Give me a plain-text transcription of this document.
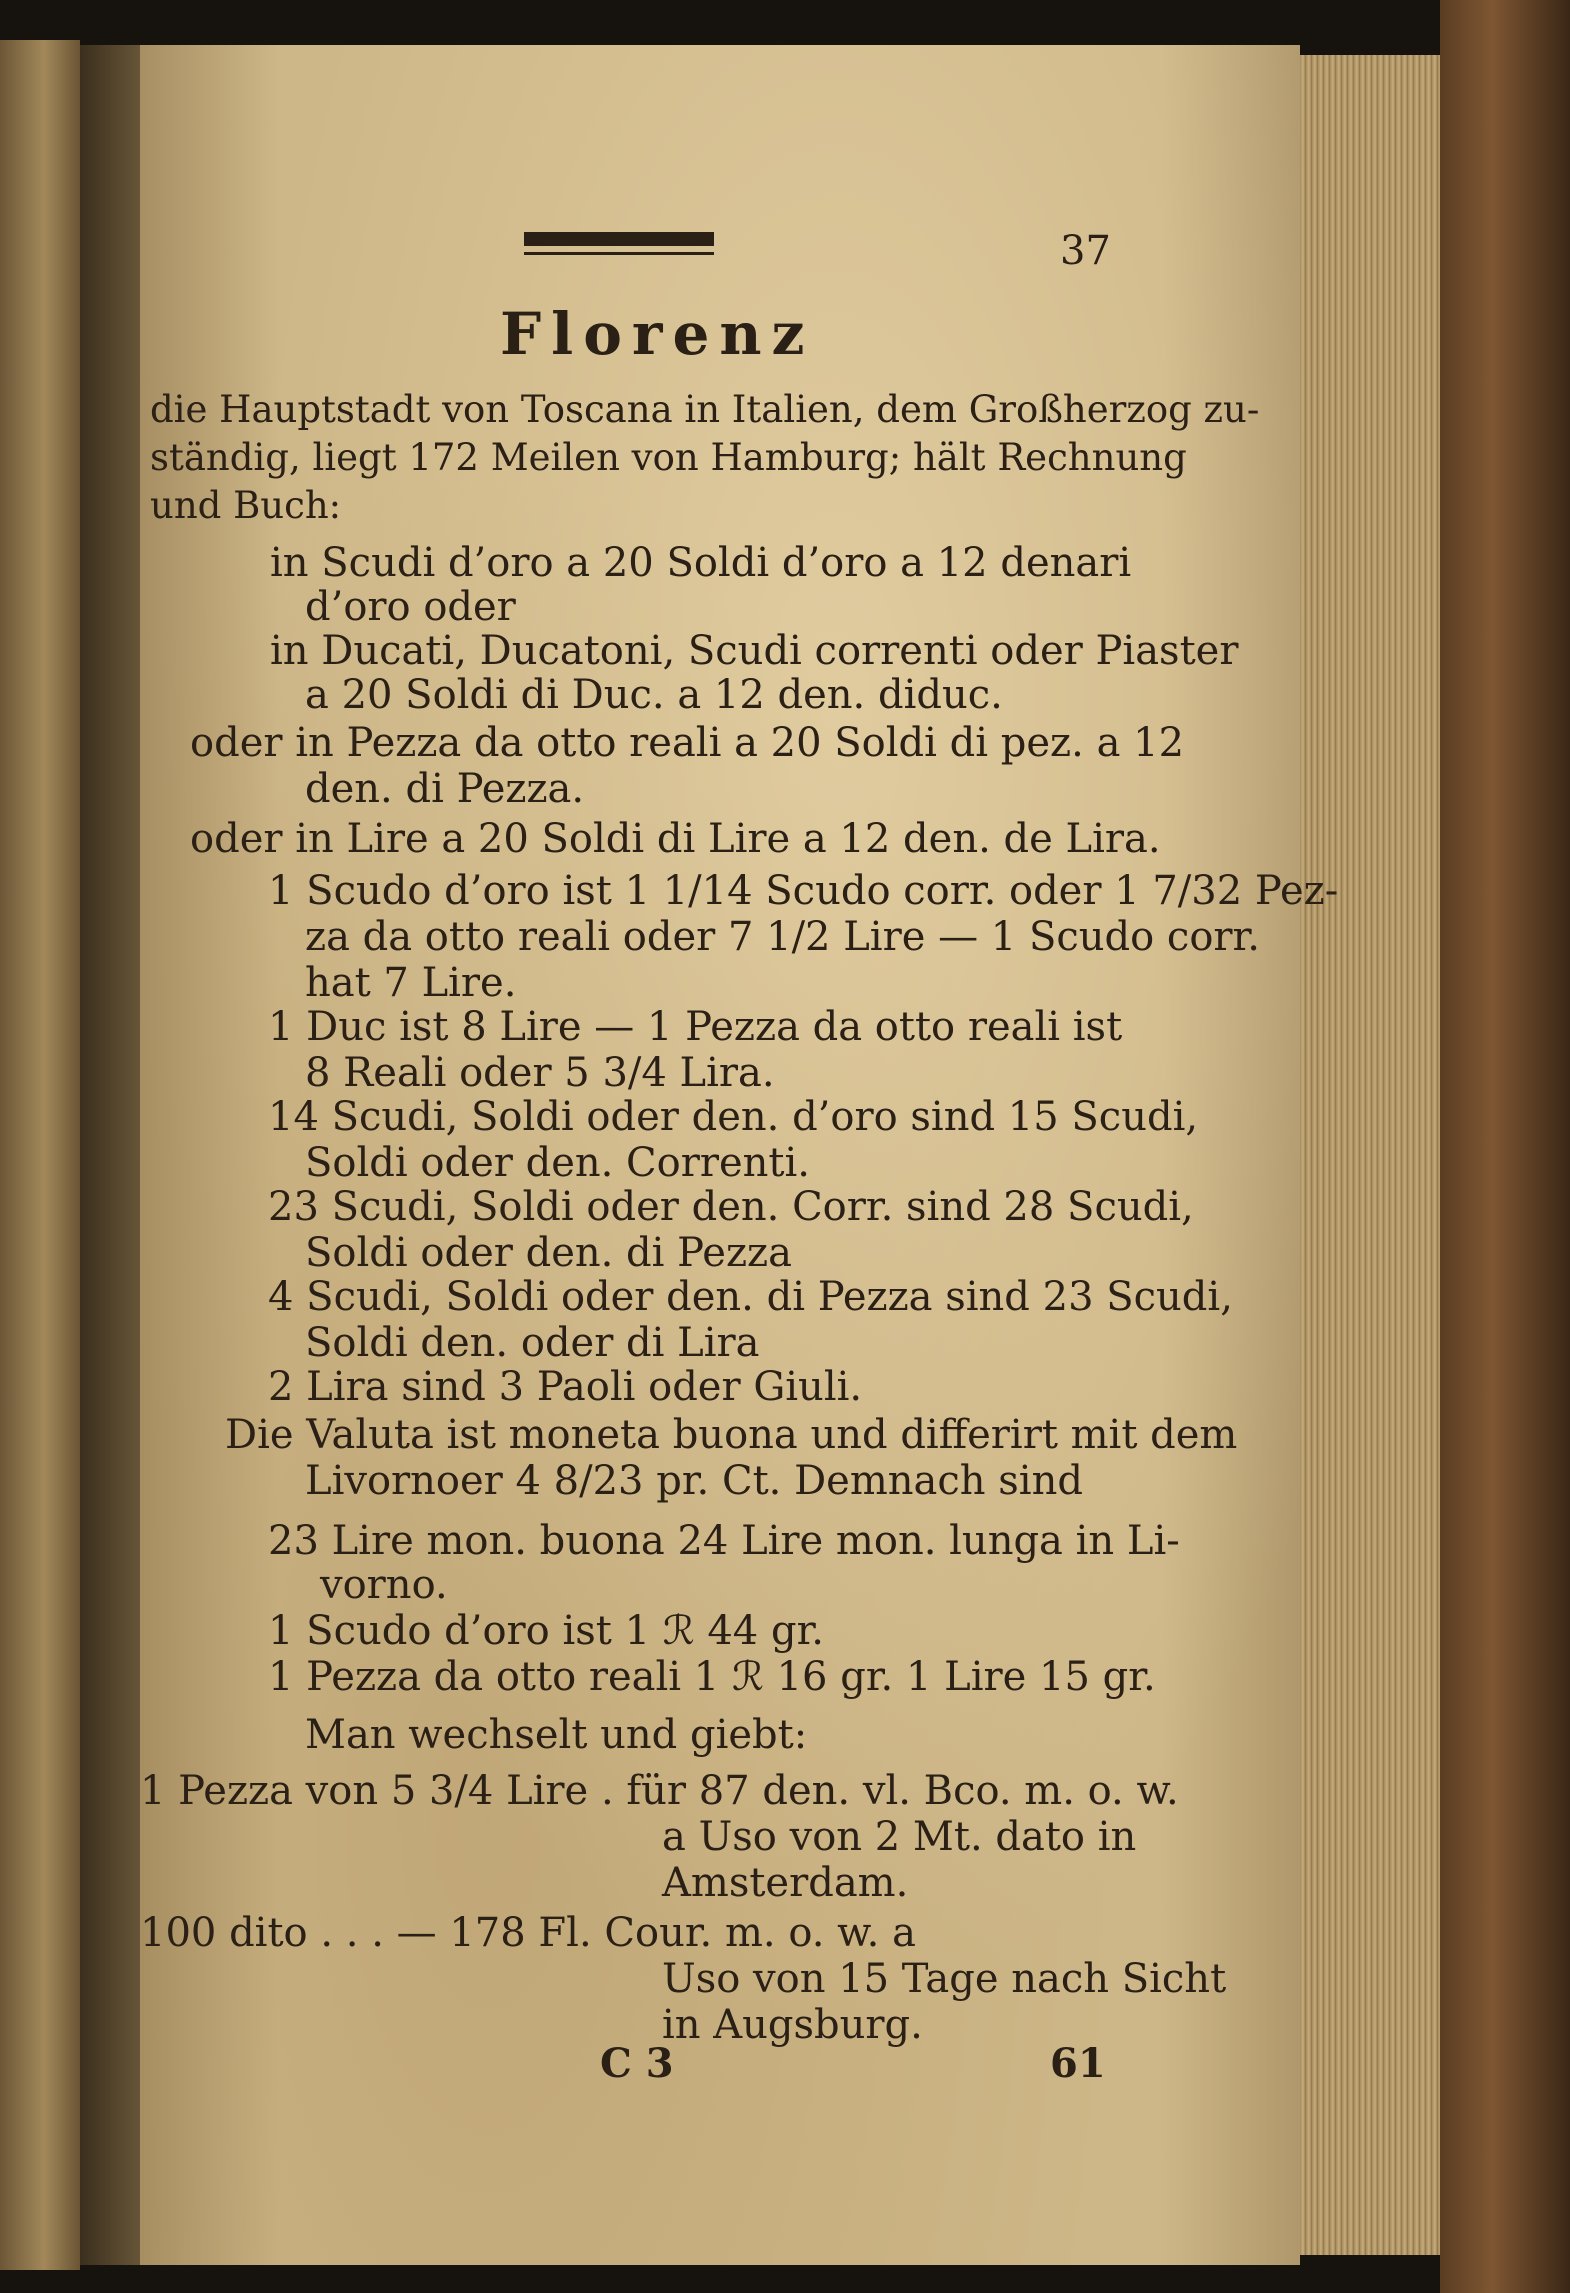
37
Florenz
die Hauptstadt von Toscana in Italien, dem Großherzog zu-
ständig, liegt 172 Meilen von Hamburg; hält Rechnung
und Buch:
in Scudi d’oro a 20 Soldi d’oro a 12 denari
d’oro oder
in Ducati, Ducatoni, Scudi correnti oder Piaster
a 20 Soldi di Duc. a 12 den. diduc.
oder in Pezza da otto reali a 20 Soldi di pez. a 12
den. di Pezza.
oder in Lire a 20 Soldi di Lire a 12 den. de Lira.
1 Scudo d’oro ist 1 1/14 Scudo corr. oder 1 7/32 Pez-
za da otto reali oder 7 1/2 Lire — 1 Scudo corr.
hat 7 Lire.
1 Duc ist 8 Lire — 1 Pezza da otto reali ist
8 Reali oder 5 3/4 Lira.
14 Scudi, Soldi oder den. d’oro sind 15 Scudi,
Soldi oder den. Correnti.
23 Scudi, Soldi oder den. Corr. sind 28 Scudi,
Soldi oder den. di Pezza
4 Scudi, Soldi oder den. di Pezza sind 23 Scudi,
Soldi den. oder di Lira
2 Lira sind 3 Paoli oder Giuli.
Die Valuta ist moneta buona und differirt mit dem
Livornoer 4 8/23 pr. Ct. Demnach sind
23 Lire mon. buona 24 Lire mon. lunga in Li-
vorno.
1 Scudo d’oro ist 1 ℛ 44 gr.
1 Pezza da otto reali 1 ℛ 16 gr. 1 Lire 15 gr.
Man wechselt und giebt:
1 Pezza von 5 3/4 Lire . für 87 den. vl. Bco. m. o. w.
a Uso von 2 Mt. dato in
Amsterdam.
100 dito . . . — 178 Fl. Cour. m. o. w. a
Uso von 15 Tage nach Sicht
in Augsburg.
C 3	61
